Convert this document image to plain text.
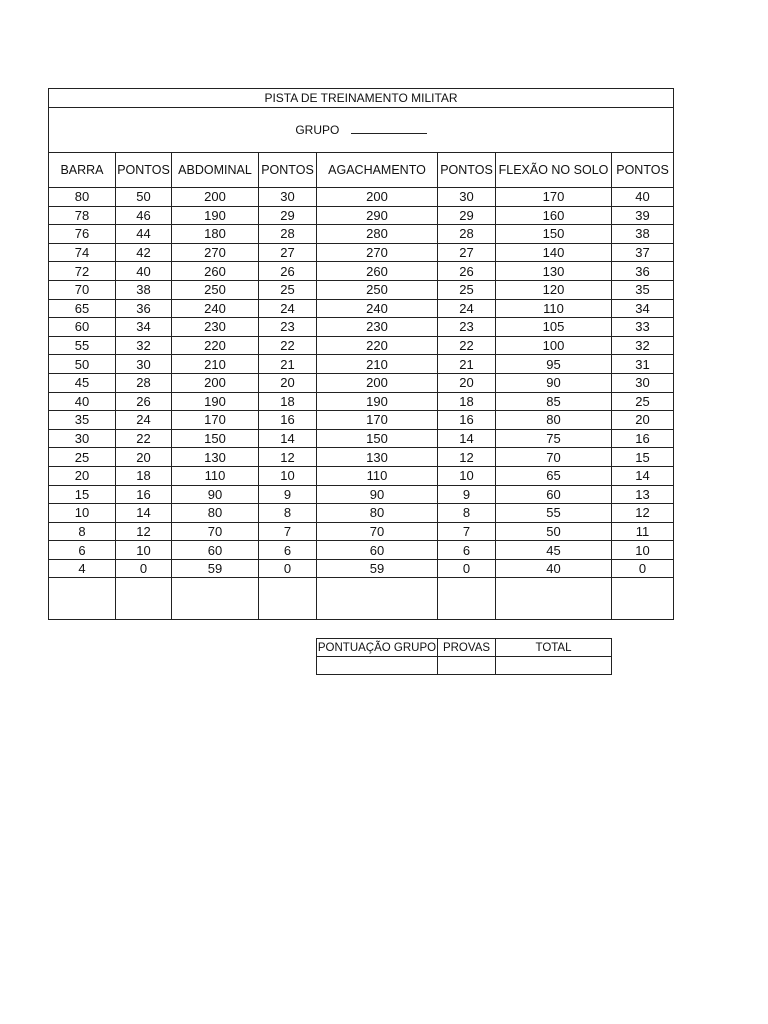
PISTA DE TREINAMENTO MILITAR							
GRUPO							
BARRA	PONTOS	ABDOMINAL	PONTOS	AGACHAMENTO	PONTOS	FLEXÃO NO SOLO	PONTOS
80	50	200	30	200	30	170	40
78	46	190	29	290	29	160	39
76	44	180	28	280	28	150	38
74	42	270	27	270	27	140	37
72	40	260	26	260	26	130	36
70	38	250	25	250	25	120	35
65	36	240	24	240	24	110	34
60	34	230	23	230	23	105	33
55	32	220	22	220	22	100	32
50	30	210	21	210	21	95	31
45	28	200	20	200	20	90	30
40	26	190	18	190	18	85	25
35	24	170	16	170	16	80	20
30	22	150	14	150	14	75	16
25	20	130	12	130	12	70	15
20	18	110	10	110	10	65	14
15	16	90	9	90	9	60	13
10	14	80	8	80	8	55	12
8	12	70	7	70	7	50	11
6	10	60	6	60	6	45	10
4	0	59	0	59	0	40	0

PONTUAÇÃO GRUPO	PROVAS	TOTAL
